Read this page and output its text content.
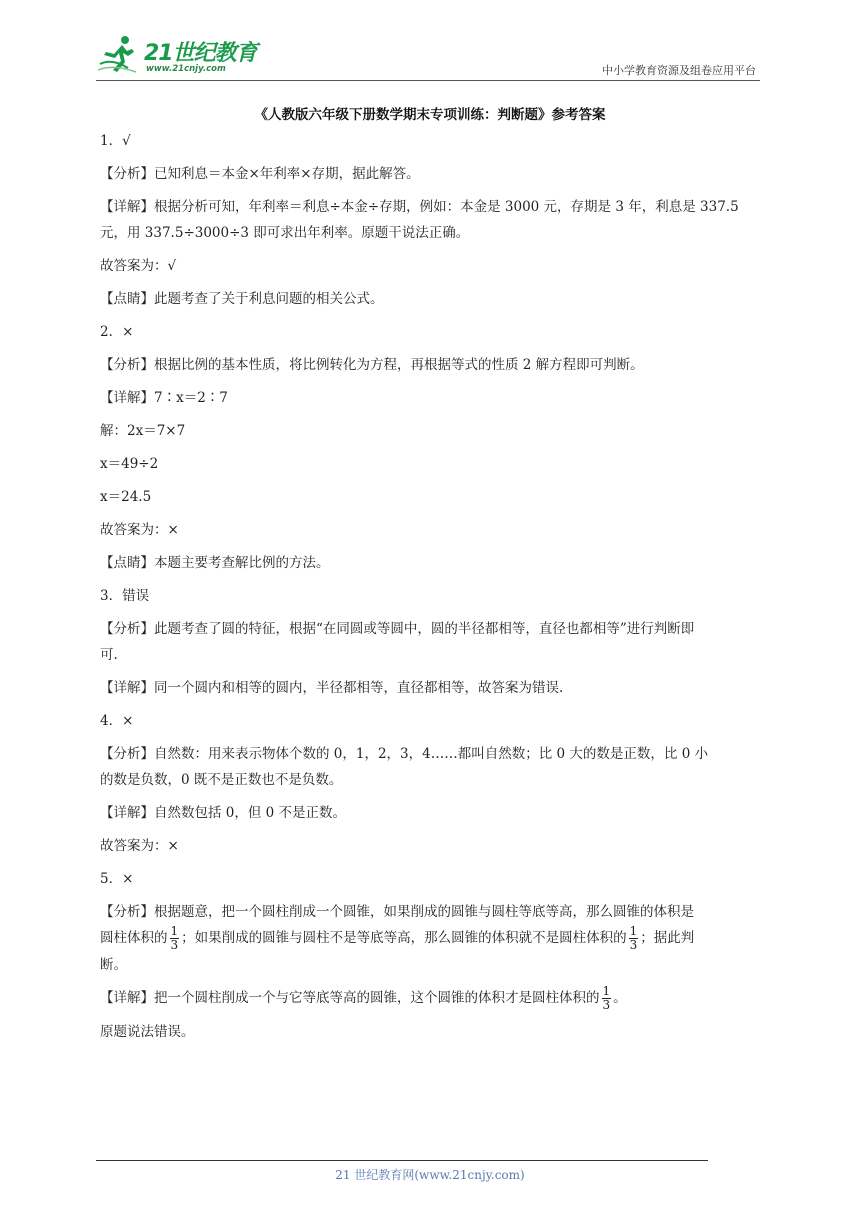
21世纪教育
www.21cnjy.com	中小学教育资源及组卷应用平台
《人教版六年级下册数学期末专项训练：判断题》参考答案

1．√

【分析】已知利息＝本金×年利率×存期，据此解答。

【详解】根据分析可知，年利率＝利息÷本金÷存期，例如：本金是 3000 元，存期是 3 年，利息是 337.5

元，用 337.5÷3000÷3 即可求出年利率。原题干说法正确。

故答案为：√

【点睛】此题考查了关于利息问题的相关公式。

2．×

【分析】根据比例的基本性质，将比例转化为方程，再根据等式的性质 2 解方程即可判断。

【详解】7∶x＝2∶7

解：2x＝7×7

x＝49÷2

x＝24.5

故答案为：×

【点睛】本题主要考查解比例的方法。

3．错误

【分析】此题考查了圆的特征，根据“在同圆或等圆中，圆的半径都相等，直径也都相等”进行判断即

可.

【详解】同一个圆内和相等的圆内，半径都相等，直径都相等，故答案为错误.

4．×

【分析】自然数：用来表示物体个数的 0，1，2，3，4……都叫自然数；比 0 大的数是正数，比 0 小

的数是负数，0 既不是正数也不是负数。

【详解】自然数包括 0，但 0 不是正数。

故答案为：×

5．×

【分析】根据题意，把一个圆柱削成一个圆锥，如果削成的圆锥与圆柱等底等高，那么圆锥的体积是

圆柱体积的 $\frac{1}{3}$ ；如果削成的圆锥与圆柱不是等底等高，那么圆锥的体积就不是圆柱体积的 $\frac{1}{3}$ ；据此判

断。

【详解】把一个圆柱削成一个与它等底等高的圆锥，这个圆锥的体积才是圆柱体积的 $\frac{1}{3}$ 。

原题说法错误。

21 世纪教育网(www.21cnjy.com)
